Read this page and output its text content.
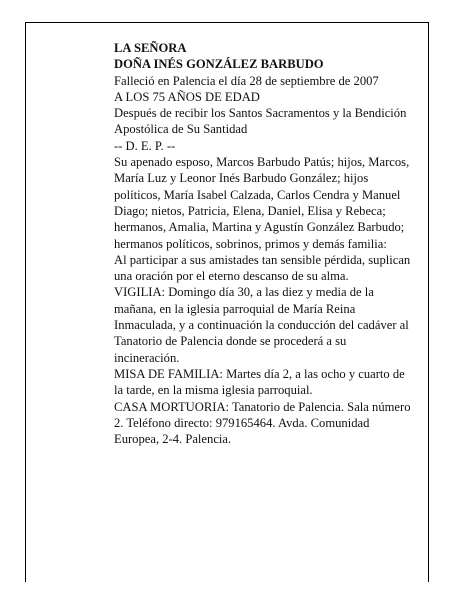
LA SEÑORA

DOÑA INÉS GONZÁLEZ BARBUDO

Falleció en Palencia el día 28 de septiembre de 2007

A LOS 75 AÑOS DE EDAD

Después de recibir los Santos Sacramentos y la Bendición Apostólica de Su Santidad

-- D. E. P. --

Su apenado esposo, Marcos Barbudo Patús; hijos, Marcos, María Luz y Leonor Inés Barbudo González; hijos políticos, María Isabel Calzada, Carlos Cendra y Manuel Diago; nietos, Patricia, Elena, Daniel, Elisa y Rebeca; hermanos, Amalia, Martina y Agustín González Barbudo; hermanos políticos, sobrinos, primos y demás familia:

Al participar a sus amistades tan sensible pérdida, suplican una oración por el eterno descanso de su alma.

VIGILIA: Domingo día 30, a las diez y media de la mañana, en la iglesia parroquial de María Reina Inmaculada, y a continuación la conducción del cadáver al Tanatorio de Palencia donde se procederá a su incineración.

MISA DE FAMILIA: Martes día 2, a las ocho y cuarto de la tarde, en la misma iglesia parroquial.

CASA MORTUORIA: Tanatorio de Palencia. Sala número 2. Teléfono directo: 979165464. Avda. Comunidad Europea, 2-4. Palencia.
